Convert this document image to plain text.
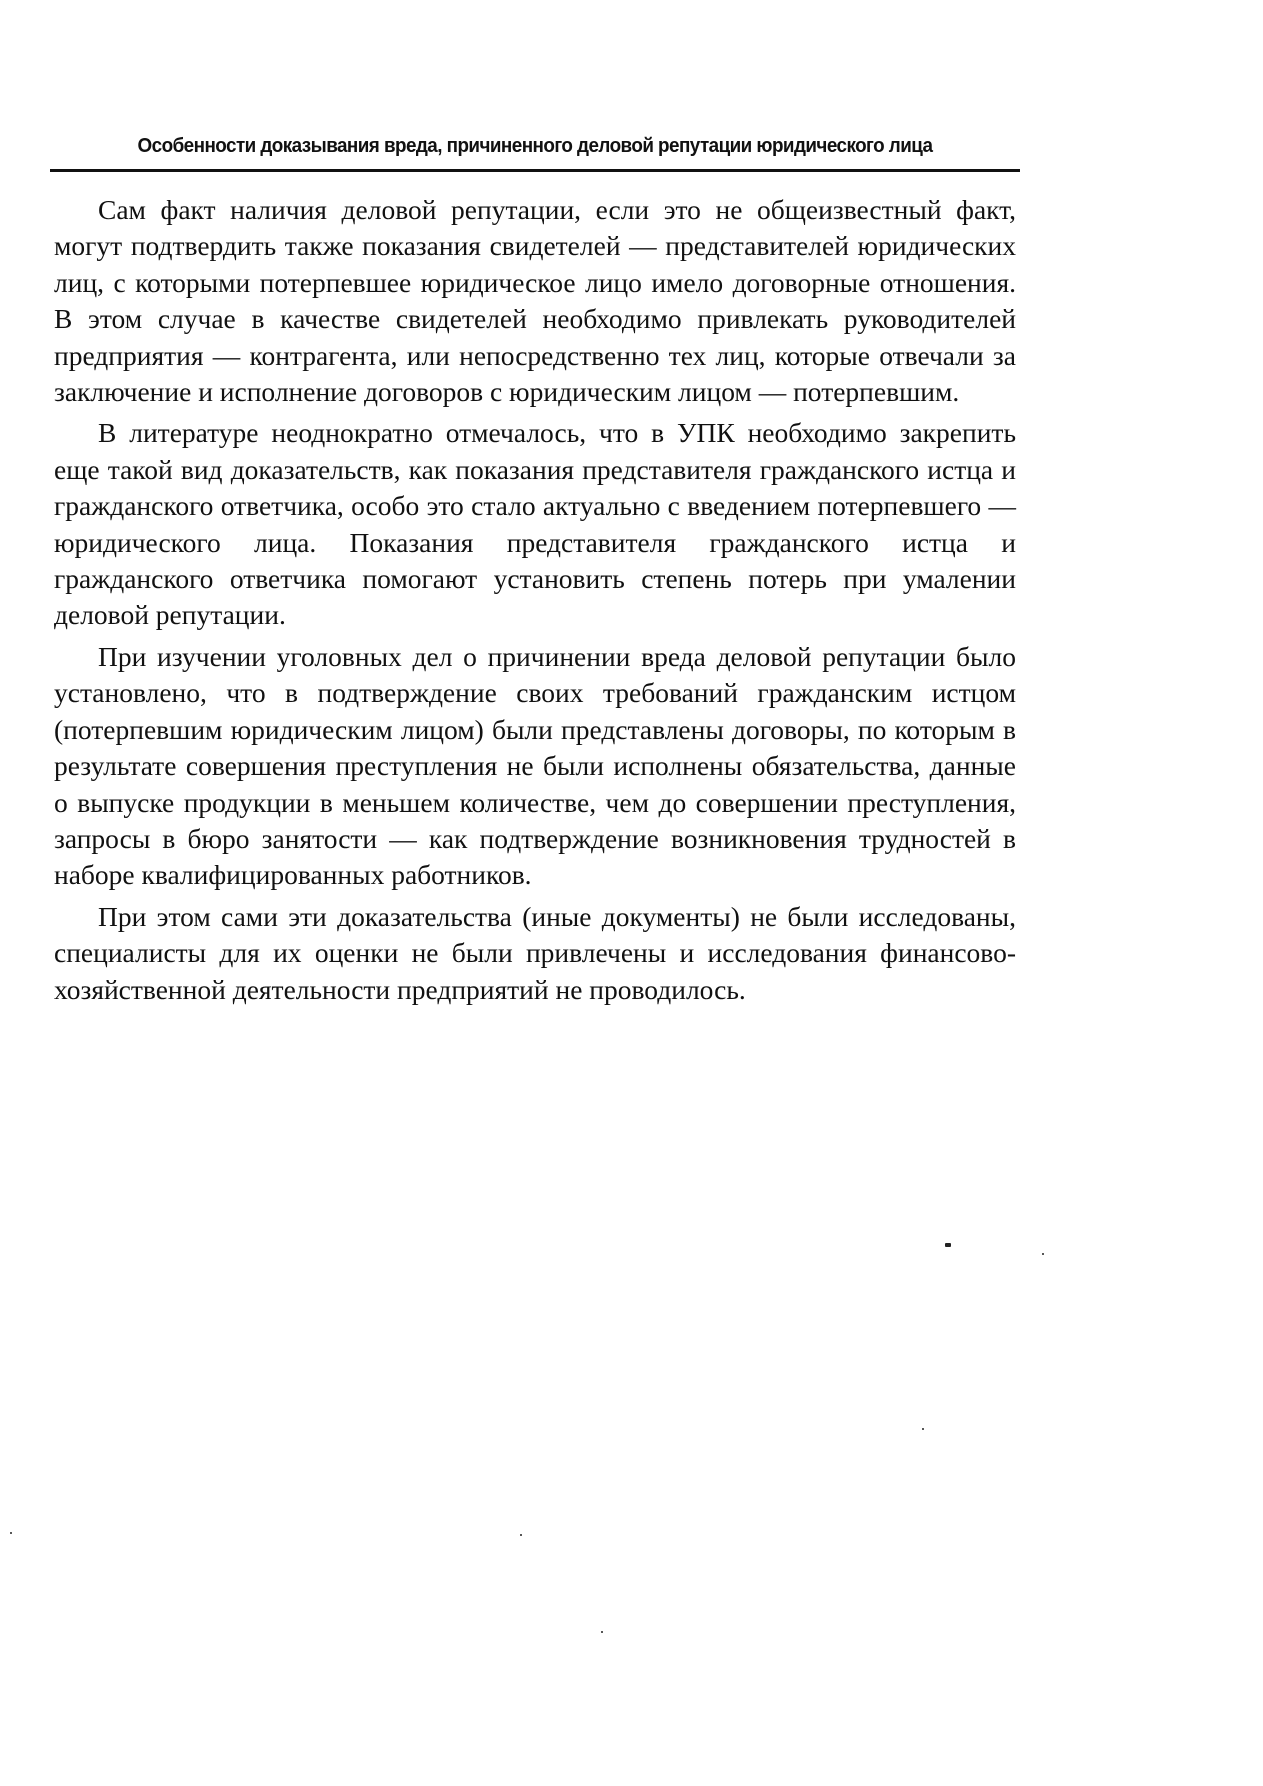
Особенности доказывания вреда, причиненного деловой репутации юридического лица

Сам факт наличия деловой репутации, если это не общеизвестный факт, могут подтвердить также показания свидетелей — представителей юридических лиц, с которыми потерпевшее юридическое лицо имело договорные отношения. В этом случае в качестве свидетелей необходимо привлекать руководителей предприятия — контрагента, или непосредственно тех лиц, которые отвечали за заключение и исполнение договоров с юридическим лицом — потерпевшим.

В литературе неоднократно отмечалось, что в УПК необходимо закрепить еще такой вид доказательств, как показания представителя гражданского истца и гражданского ответчика, особо это стало актуально с введением потерпевшего — юридического лица. Показания представителя гражданского истца и гражданского ответчика помогают установить степень потерь при умалении деловой репутации.

При изучении уголовных дел о причинении вреда деловой репутации было установлено, что в подтверждение своих требований гражданским истцом (потерпевшим юридическим лицом) были представлены договоры, по которым в результате совершения преступления не были исполнены обязательства, данные о выпуске продукции в меньшем количестве, чем до совершении преступления, запросы в бюро занятости — как подтверждение возникновения трудностей в наборе квалифицированных работников.

При этом сами эти доказательства (иные документы) не были исследованы, специалисты для их оценки не были привлечены и исследования финансово-хозяйственной деятельности предприятий не проводилось.
